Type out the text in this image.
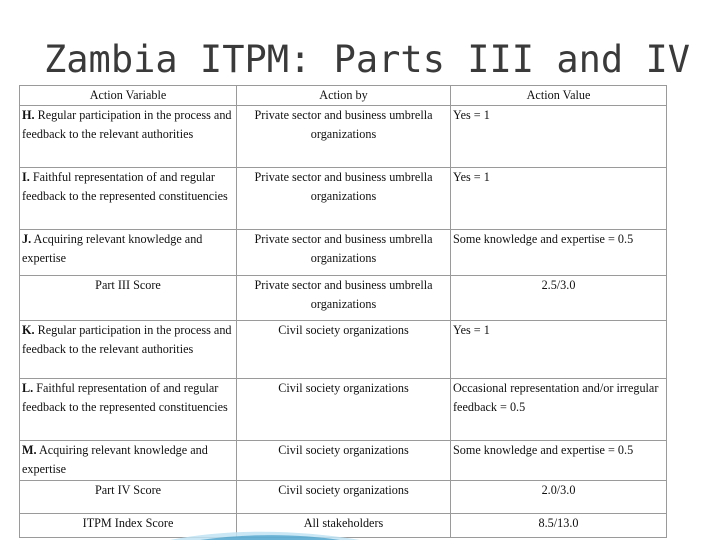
Zambia ITPM: Parts III and IV
Action Variable	Action by	Action Value
H. Regular participation in the process and feedback to the relevant authorities	Private sector and business umbrella organizations	Yes = 1
I. Faithful representation of and regular feedback to the represented constituencies	Private sector and business umbrella organizations	Yes = 1
J. Acquiring relevant knowledge and expertise	Private sector and business umbrella organizations	Some knowledge and expertise = 0.5
Part III Score	Private sector and business umbrella organizations	2.5/3.0
K. Regular participation in the process and feedback to the relevant authorities	Civil society organizations	Yes = 1
L. Faithful representation of and regular feedback to the represented constituencies	Civil society organizations	Occasional representation and/or irregular feedback = 0.5
M. Acquiring relevant knowledge and expertise	Civil society organizations	Some knowledge and expertise = 0.5
Part IV Score	Civil society organizations	2.0/3.0
ITPM Index Score	All stakeholders	8.5/13.0
